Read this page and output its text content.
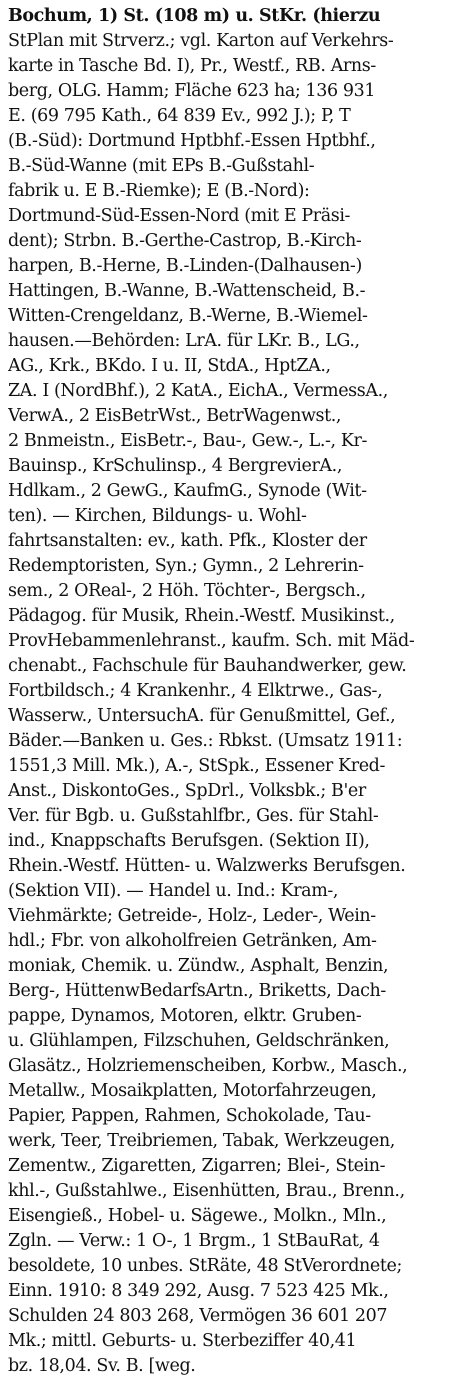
Bochum, 1) St. (108 m) u. StKr. (hierzu
StPlan mit Strverz.; vgl. Karton auf Verkehrs-
karte in Tasche Bd. I), Pr., Westf., RB. Arns-
berg, OLG. Hamm; Fläche 623 ha; 136 931
E. (69 795 Kath., 64 839 Ev., 992 J.); P, T
(B.-Süd): Dortmund Hptbhf.-Essen Hptbhf.,
B.-Süd-Wanne (mit EPs B.-Gußstahl-
fabrik u. E B.-Riemke); E (B.-Nord):
Dortmund-Süd-Essen-Nord (mit E Präsi-
dent); Strbn. B.-Gerthe-Castrop, B.-Kirch-
harpen, B.-Herne, B.-Linden-(Dalhausen-)
Hattingen, B.-Wanne, B.-Wattenscheid, B.-
Witten-Crengeldanz, B.-Werne, B.-Wiemel-
hausen.—Behörden: LrA. für LKr. B., LG.,
AG., Krk., BKdo. I u. II, StdA., HptZA.,
ZA. I (NordBhf.), 2 KatA., EichA., VermessA.,
VerwA., 2 EisBetrWst., BetrWagenwst.,
2 Bnmeistn., EisBetr.-, Bau-, Gew.-, L.-, Kr-
Bauinsp., KrSchulinsp., 4 BergrevierA.,
Hdlkam., 2 GewG., KaufmG., Synode (Wit-
ten). — Kirchen, Bildungs- u. Wohl-
fahrtsanstalten: ev., kath. Pfk., Kloster der
Redemptoristen, Syn.; Gymn., 2 Lehrerin-
sem., 2 OReal-, 2 Höh. Töchter-, Bergsch.,
Pädagog. für Musik, Rhein.-Westf. Musikinst.,
ProvHebammenlehranst., kaufm. Sch. mit Mäd-
chenabt., Fachschule für Bauhandwerker, gew.
Fortbildsch.; 4 Krankenhr., 4 Elktrwe., Gas-,
Wasserw., UntersuchA. für Genußmittel, Gef.,
Bäder.—Banken u. Ges.: Rbkst. (Umsatz 1911:
1551,3 Mill. Mk.), A.-, StSpk., Essener Kred-
Anst., DiskontoGes., SpDrl., Volksbk.; B'er
Ver. für Bgb. u. Gußstahlfbr., Ges. für Stahl-
ind., Knappschafts Berufsgen. (Sektion II),
Rhein.-Westf. Hütten- u. Walzwerks Berufsgen.
(Sektion VII). — Handel u. Ind.: Kram-,
Viehmärkte; Getreide-, Holz-, Leder-, Wein-
hdl.; Fbr. von alkoholfreien Getränken, Am-
moniak, Chemik. u. Zündw., Asphalt, Benzin,
Berg-, HüttenwBedarfsArtn., Briketts, Dach-
pappe, Dynamos, Motoren, elktr. Gruben-
u. Glühlampen, Filzschuhen, Geldschränken,
Glasätz., Holzriemenscheiben, Korbw., Masch.,
Metallw., Mosaikplatten, Motorfahrzeugen,
Papier, Pappen, Rahmen, Schokolade, Tau-
werk, Teer, Treibriemen, Tabak, Werkzeugen,
Zementw., Zigaretten, Zigarren; Blei-, Stein-
khl.-, Gußstahlwe., Eisenhütten, Brau., Brenn.,
Eisengieß., Hobel- u. Sägewe., Molkn., Mln.,
Zgln. — Verw.: 1 O-, 1 Brgm., 1 StBauRat, 4
besoldete, 10 unbes. StRäte, 48 StVerordnete;
Einn. 1910: 8 349 292, Ausg. 7 523 425 Mk.,
Schulden 24 803 268, Vermögen 36 601 207
Mk.; mittl. Geburts- u. Sterbeziffer 40,41
bz. 18,04. Sv. B. [weg.
